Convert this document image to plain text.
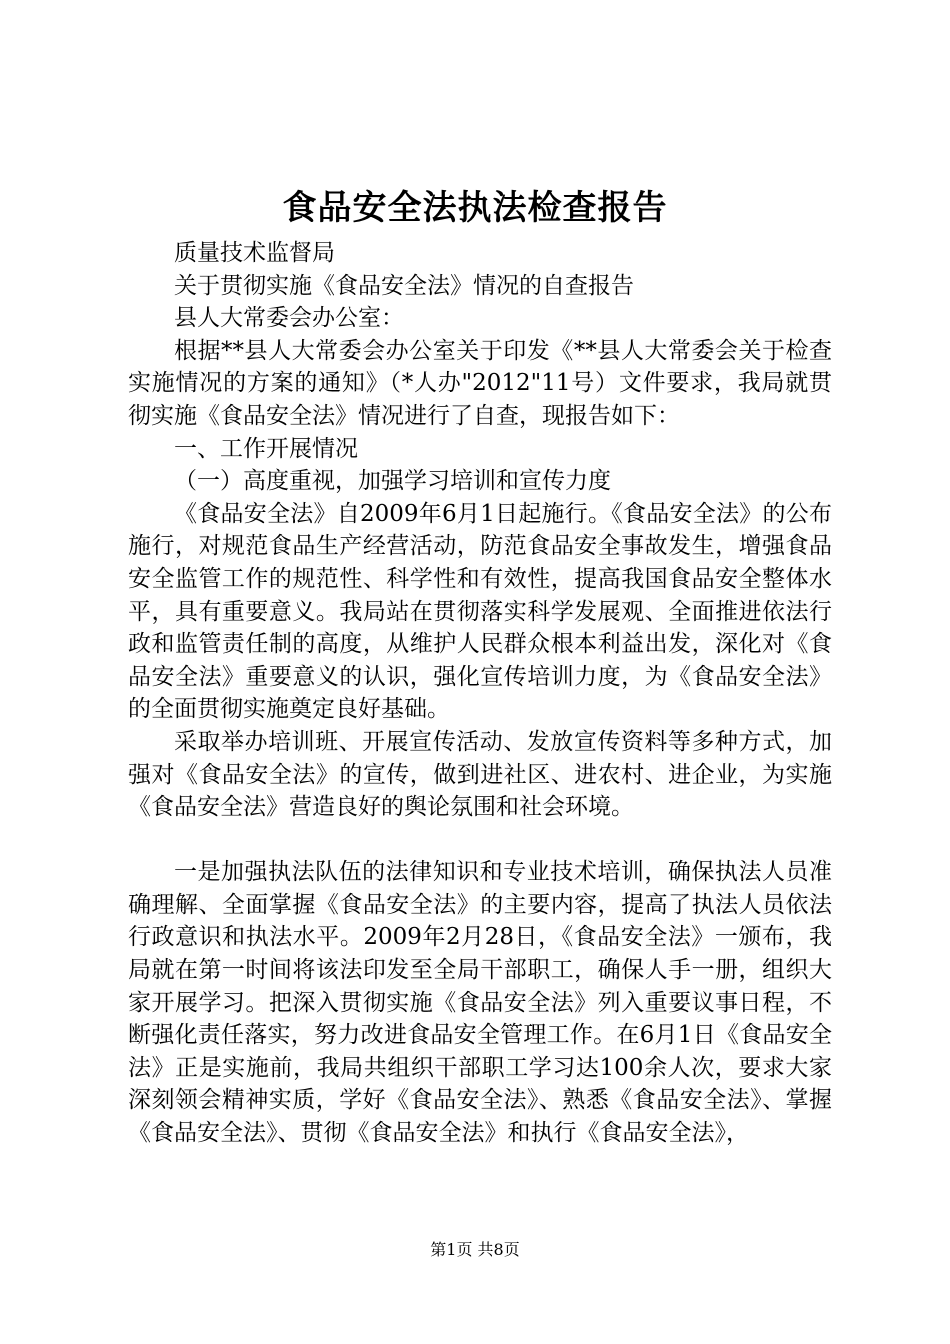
食品安全法执法检查报告

质量技术监督局

关于贯彻实施《食品安全法》情况的自查报告

县人大常委会办公室：

根据**县人大常委会办公室关于印发《**县人大常委会关于检查实施情况的方案的通知》（*人办"2012"11号）文件要求，我局就贯彻实施《食品安全法》情况进行了自查，现报告如下：

一、工作开展情况

（一）高度重视，加强学习培训和宣传力度

《食品安全法》自2009年6月1日起施行。《食品安全法》的公布施行，对规范食品生产经营活动，防范食品安全事故发生，增强食品安全监管工作的规范性、科学性和有效性，提高我国食品安全整体水平，具有重要意义。我局站在贯彻落实科学发展观、全面推进依法行政和监管责任制的高度，从维护人民群众根本利益出发，深化对《食品安全法》重要意义的认识，强化宣传培训力度，为《食品安全法》的全面贯彻实施奠定良好基础。

采取举办培训班、开展宣传活动、发放宣传资料等多种方式，加强对《食品安全法》的宣传，做到进社区、进农村、进企业，为实施《食品安全法》营造良好的舆论氛围和社会环境。

一是加强执法队伍的法律知识和专业技术培训，确保执法人员准确理解、全面掌握《食品安全法》的主要内容，提高了执法人员依法行政意识和执法水平。2009年2月28日，《食品安全法》一颁布，我局就在第一时间将该法印发至全局干部职工，确保人手一册，组织大家开展学习。把深入贯彻实施《食品安全法》列入重要议事日程，不断强化责任落实，努力改进食品安全管理工作。在6月1日《食品安全法》正是实施前，我局共组织干部职工学习达100余人次，要求大家深刻领会精神实质，学好《食品安全法》、熟悉《食品安全法》、掌握《食品安全法》、贯彻《食品安全法》和执行《食品安全法》，

第1页 共8页
